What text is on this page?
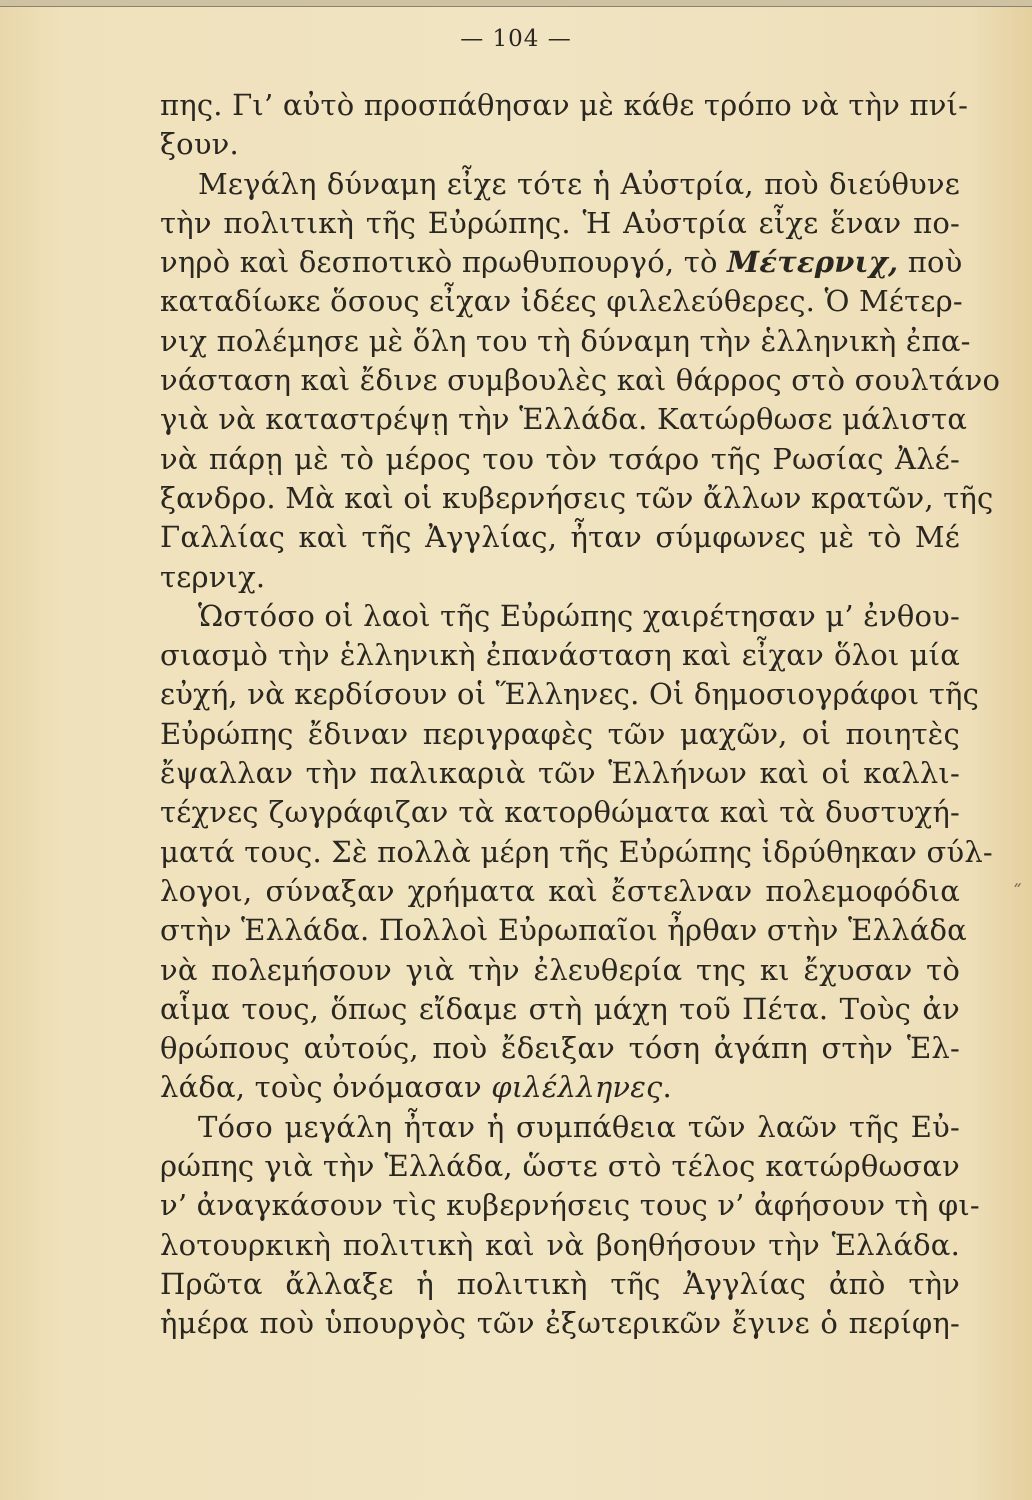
— 104 —
πης. Γι’ αὐτὸ προσπάθησαν μὲ κάθε τρόπο νὰ τὴν πνί-
ξουν.
Μεγάλη δύναμη εἶχε τότε ἡ Αὐστρία, ποὺ διεύθυνε
τὴν πολιτικὴ τῆς Εὐρώπης. Ἡ Αὐστρία εἶχε ἕναν πο-
νηρὸ καὶ δεσποτικὸ πρωθυπουργό, τὸ Μέτερνιχ, ποὺ
καταδίωκε ὅσους εἶχαν ἰδέες φιλελεύθερες. Ὁ Μέτερ-
νιχ πολέμησε μὲ ὅλη του τὴ δύναμη τὴν ἑλληνικὴ ἐπα-
νάσταση καὶ ἔδινε συμβουλὲς καὶ θάρρος στὸ σουλτάνο
γιὰ νὰ καταστρέψῃ τὴν Ἑλλάδα. Κατώρθωσε μάλιστα
νὰ πάρῃ μὲ τὸ μέρος του τὸν τσάρο τῆς Ρωσίας Ἀλέ-
ξανδρο. Μὰ καὶ οἱ κυβερνήσεις τῶν ἄλλων κρατῶν, τῆς
Γαλλίας καὶ τῆς Ἀγγλίας, ἦταν σύμφωνες μὲ τὸ Μέ
τερνιχ.
Ὡστόσο οἱ λαοὶ τῆς Εὐρώπης χαιρέτησαν μ’ ἐνθου-
σιασμὸ τὴν ἑλληνικὴ ἐπανάσταση καὶ εἶχαν ὅλοι μία
εὐχή, νὰ κερδίσουν οἱ Ἕλληνες. Οἱ δημοσιογράφοι τῆς
Εὐρώπης ἔδιναν περιγραφὲς τῶν μαχῶν, οἱ ποιητὲς
ἔψαλλαν τὴν παλικαριὰ τῶν Ἑλλήνων καὶ οἱ καλλι-
τέχνες ζωγράφιζαν τὰ κατορθώματα καὶ τὰ δυστυχή-
ματά τους. Σὲ πολλὰ μέρη τῆς Εὐρώπης ἱδρύθηκαν σύλ-
λογοι, σύναξαν χρήματα καὶ ἔστελναν πολεμοφόδια
στὴν Ἑλλάδα. Πολλοὶ Εὐρωπαῖοι ἦρθαν στὴν Ἑλλάδα
νὰ πολεμήσουν γιὰ τὴν ἐλευθερία της κι ἔχυσαν τὸ
αἷμα τους, ὅπως εἴδαμε στὴ μάχη τοῦ Πέτα. Τοὺς ἀν
θρώπους αὐτούς, ποὺ ἔδειξαν τόση ἀγάπη στὴν Ἑλ-
λάδα, τοὺς ὀνόμασαν φιλέλληνες.
Τόσο μεγάλη ἦταν ἡ συμπάθεια τῶν λαῶν τῆς Εὐ-
ρώπης γιὰ τὴν Ἑλλάδα, ὥστε στὸ τέλος κατώρθωσαν
ν’ ἀναγκάσουν τὶς κυβερνήσεις τους ν’ ἀφήσουν τὴ φι-
λοτουρκικὴ πολιτικὴ καὶ νὰ βοηθήσουν τὴν Ἑλλάδα.
Πρῶτα ἄλλαξε ἡ πολιτικὴ τῆς Ἀγγλίας ἀπὸ τὴν
ἡμέρα ποὺ ὑπουργὸς τῶν ἐξωτερικῶν ἔγινε ὁ περίφη-
˝
